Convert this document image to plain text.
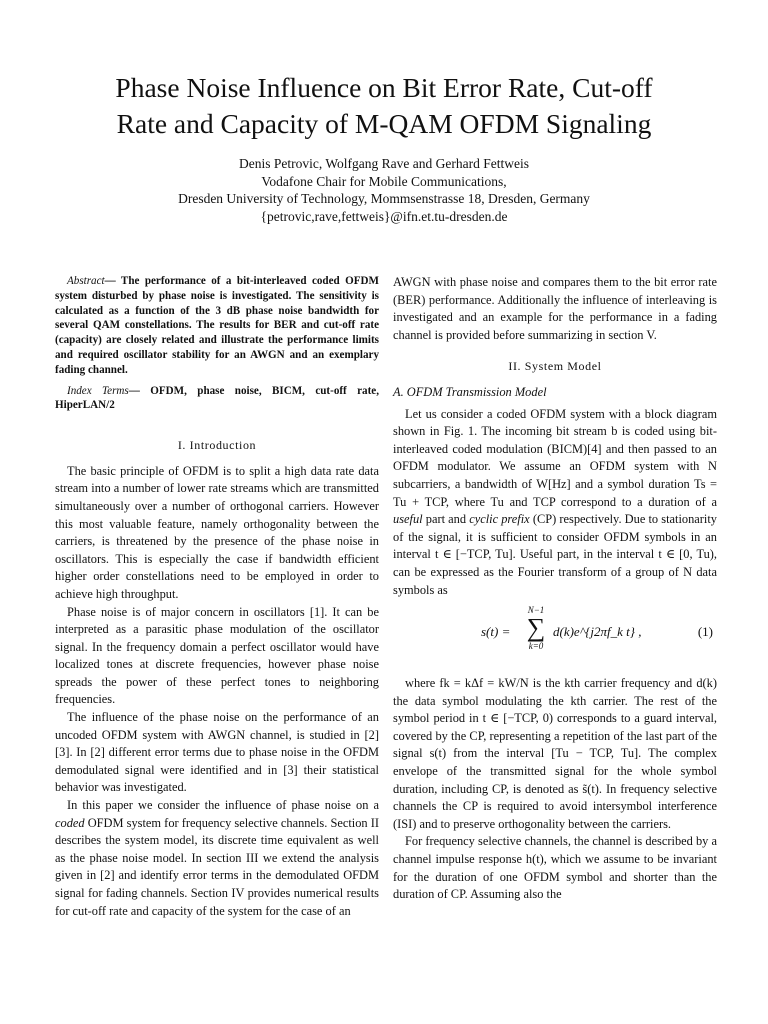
Phase Noise Influence on Bit Error Rate, Cut-off
Rate and Capacity of M-QAM OFDM Signaling
Denis Petrovic, Wolfgang Rave and Gerhard Fettweis
Vodafone Chair for Mobile Communications,
Dresden University of Technology, Mommsenstrasse 18, Dresden, Germany
{petrovic,rave,fettweis}@ifn.et.tu-dresden.de

Abstract— The performance of a bit-interleaved coded OFDM system disturbed by phase noise is investigated. The sensitivity is calculated as a function of the 3 dB phase noise bandwidth for several QAM constellations. The results for BER and cut-off rate (capacity) are closely related and illustrate the performance limits and required oscillator stability for an AWGN and an exemplary fading channel.

Index Terms— OFDM, phase noise, BICM, cut-off rate, HiperLAN/2

I. Introduction

The basic principle of OFDM is to split a high data rate data stream into a number of lower rate streams which are transmitted simultaneously over a number of orthogonal carriers. However this most valuable feature, namely orthogonality between the carriers, is threatened by the presence of the phase noise in oscillators. This is especially the case if bandwidth efficient higher order constellations need to be employed in order to achieve high throughput.

Phase noise is of major concern in oscillators [1]. It can be interpreted as a parasitic phase modulation of the oscillator signal. In the frequency domain a perfect oscillator would have localized tones at discrete frequencies, however phase noise spreads the power of these perfect tones to neighboring frequencies.

The influence of the phase noise on the performance of an uncoded OFDM system with AWGN channel, is studied in [2] [3]. In [2] different error terms due to phase noise in the OFDM demodulated signal were identified and in [3] their statistical behavior was investigated.

In this paper we consider the influence of phase noise on a coded OFDM system for frequency selective channels. Section II describes the system model, its discrete time equivalent as well as the phase noise model. In section III we extend the analysis given in [2] and identify error terms in the demodulated OFDM signal for fading channels. Section IV provides numerical results for cut-off rate and capacity of the system for the case of an

AWGN with phase noise and compares them to the bit error rate (BER) performance. Additionally the influence of interleaving is investigated and an example for the performance in a fading channel is provided before summarizing in section V.

II. System Model
A. OFDM Transmission Model

Let us consider a coded OFDM system with a block diagram shown in Fig. 1. The incoming bit stream b is coded using bit-interleaved coded modulation (BICM)[4] and then passed to an OFDM modulator. We assume an OFDM system with N subcarriers, a bandwidth of W[Hz] and a symbol duration Ts = Tu + TCP, where Tu and TCP correspond to a duration of a useful part and cyclic prefix (CP) respectively. Due to stationarity of the signal, it is sufficient to consider OFDM symbols in an interval t ∈ [−TCP, Tu]. Useful part, in the interval t ∈ [0, Tu), can be expressed as the Fourier transform of a group of N data symbols as

s(t) =
N−1
∑
k=0
d(k)e^{j2πf_k t} ,	(1)

where fk = kΔf = kW/N is the kth carrier frequency and d(k) the data symbol modulating the kth carrier. The rest of the symbol period in t ∈ [−TCP, 0) corresponds to a guard interval, covered by the CP, representing a repetition of the last part of the signal s(t) from the interval [Tu − TCP, Tu]. The complex envelope of the transmitted signal for the whole symbol duration, including CP, is denoted as s̃(t). In frequency selective channels the CP is required to avoid intersymbol interference (ISI) and to preserve orthogonality between the carriers.

For frequency selective channels, the channel is described by a channel impulse response h(t), which we assume to be invariant for the duration of one OFDM symbol and shorter than the duration of CP. Assuming also the
